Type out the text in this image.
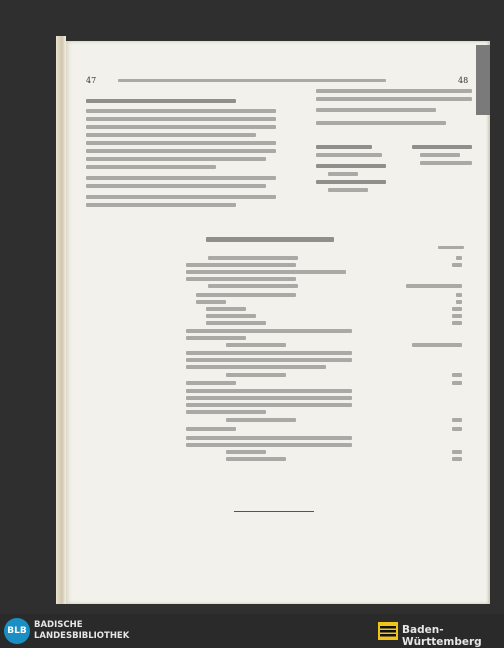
47	48
BLB
BADISCHE
LANDESBIBLIOTHEK	Baden-Württemberg
